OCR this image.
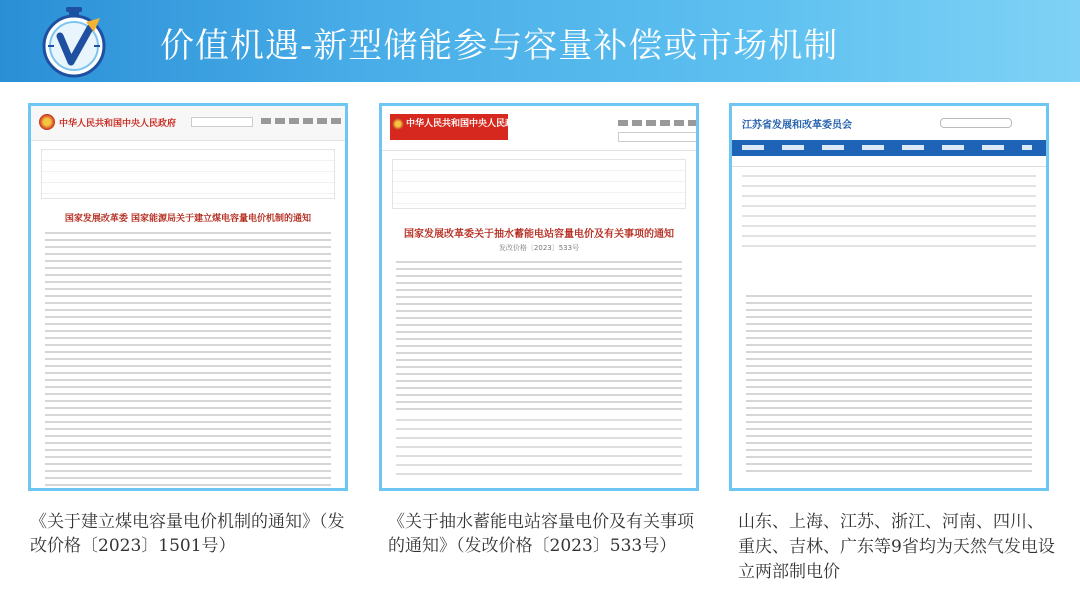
价值机遇-新型储能参与容量补偿或市场机制
中华人民共和国中央人民政府
国家发展改革委 国家能源局关于建立煤电容量电价机制的通知
中华人民共和国中央人民政府
国家发展改革委关于抽水蓄能电站容量电价及有关事项的通知
发改价格〔2023〕533号
江苏省发展和改革委员会
《关于建立煤电容量电价机制的通知》（发改价格〔2023〕1501号）
《关于抽水蓄能电站容量电价及有关事项的通知》（发改价格〔2023〕533号）
山东、上海、江苏、浙江、河南、四川、重庆、吉林、广东等9省均为天然气发电设立两部制电价
